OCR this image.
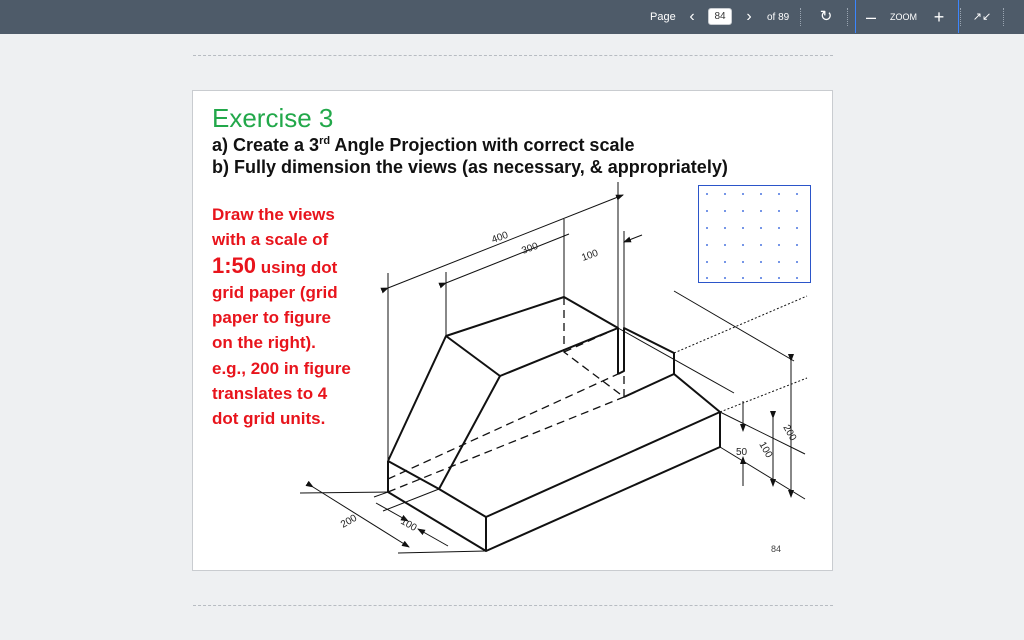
Page ‹
84	›	of 89 ↻ –	ZOOM +	↗↙
Exercise 3
a) Create a 3rd Angle Projection with correct scale
b) Fully dimension the views (as necessary, & appropriately)
Draw the views
with a scale of
1:50 using dot
grid paper (grid
paper to figure
on the right).
e.g., 200 in figure
translates to 4
dot grid units.
400
300	100
200
100
50
200	100
84
